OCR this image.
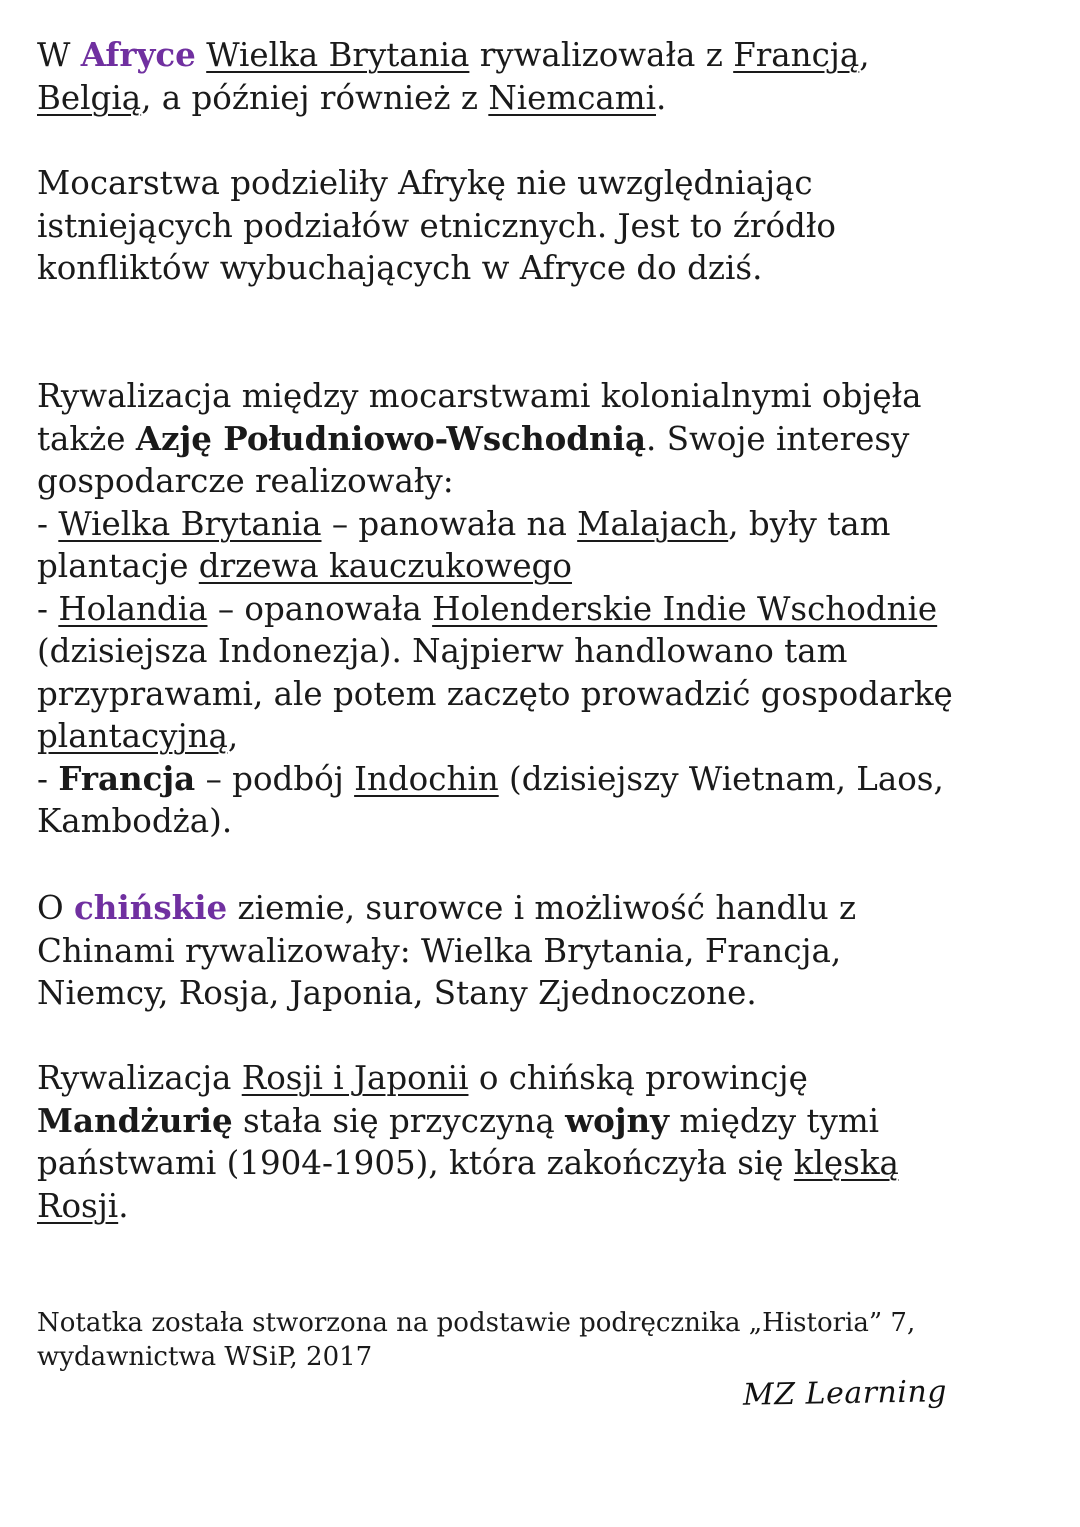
W Afryce Wielka Brytania rywalizowała z Francją,
Belgią, a później również z Niemcami.

Mocarstwa podzieliły Afrykę nie uwzględniając
istniejących podziałów etnicznych. Jest to źródło
konfliktów wybuchających w Afryce do dziś.

Rywalizacja między mocarstwami kolonialnymi objęła
także Azję Południowo-Wschodnią. Swoje interesy
gospodarcze realizowały:
- Wielka Brytania – panowała na Malajach, były tam
plantacje drzewa kauczukowego
- Holandia – opanowała Holenderskie Indie Wschodnie
(dzisiejsza Indonezja). Najpierw handlowano tam
przyprawami, ale potem zaczęto prowadzić gospodarkę
plantacyjną,
- Francja – podbój Indochin (dzisiejszy Wietnam, Laos,
Kambodża).

O chińskie ziemie, surowce i możliwość handlu z
Chinami rywalizowały: Wielka Brytania, Francja,
Niemcy, Rosja, Japonia, Stany Zjednoczone.

Rywalizacja Rosji i Japonii o chińską prowincję
Mandżurię stała się przyczyną wojny między tymi
państwami (1904-1905), która zakończyła się klęską
Rosji.

Notatka została stworzona na podstawie podręcznika „Historia” 7,
wydawnictwa WSiP, 2017

MZ Learning
